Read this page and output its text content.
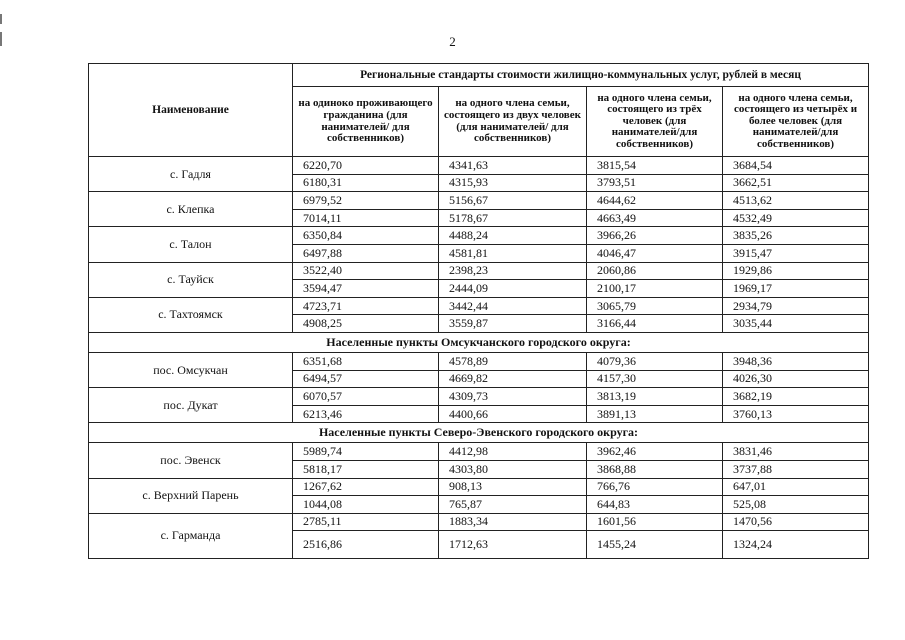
2
Наименование	Региональные стандарты стоимости жилищно-коммунальных услуг, рублей в месяц			
	на одиноко проживающего гражданина (для нанимателей/ для собственников)	на одного члена семьи, состоящего из двух человек (для нанимателей/ для собственников)	на одного члена семьи, состоящего из трёх человек (для нанимателей/для собственников)	на одного члена семьи, состоящего из четырёх и более человек (для нанимателей/для собственников)
с. Гадля	6220,70	4341,63	3815,54	3684,54
	6180,31	4315,93	3793,51	3662,51
с. Клепка	6979,52	5156,67	4644,62	4513,62
	7014,11	5178,67	4663,49	4532,49
с. Талон	6350,84	4488,24	3966,26	3835,26
	6497,88	4581,81	4046,47	3915,47
с. Тауйск	3522,40	2398,23	2060,86	1929,86
	3594,47	2444,09	2100,17	1969,17
с. Тахтоямск	4723,71	3442,44	3065,79	2934,79
	4908,25	3559,87	3166,44	3035,44
Населенные пункты Омсукчанского городского округа:				
пос. Омсукчан	6351,68	4578,89	4079,36	3948,36
	6494,57	4669,82	4157,30	4026,30
пос. Дукат	6070,57	4309,73	3813,19	3682,19
	6213,46	4400,66	3891,13	3760,13
Населенные пункты Северо-Эвенского городского округа:				
пос. Эвенск	5989,74	4412,98	3962,46	3831,46
	5818,17	4303,80	3868,88	3737,88
с. Верхний Парень	1267,62	908,13	766,76	647,01
	1044,08	765,87	644,83	525,08
с. Гарманда	2785,11	1883,34	1601,56	1470,56
	2516,86	1712,63	1455,24	1324,24
